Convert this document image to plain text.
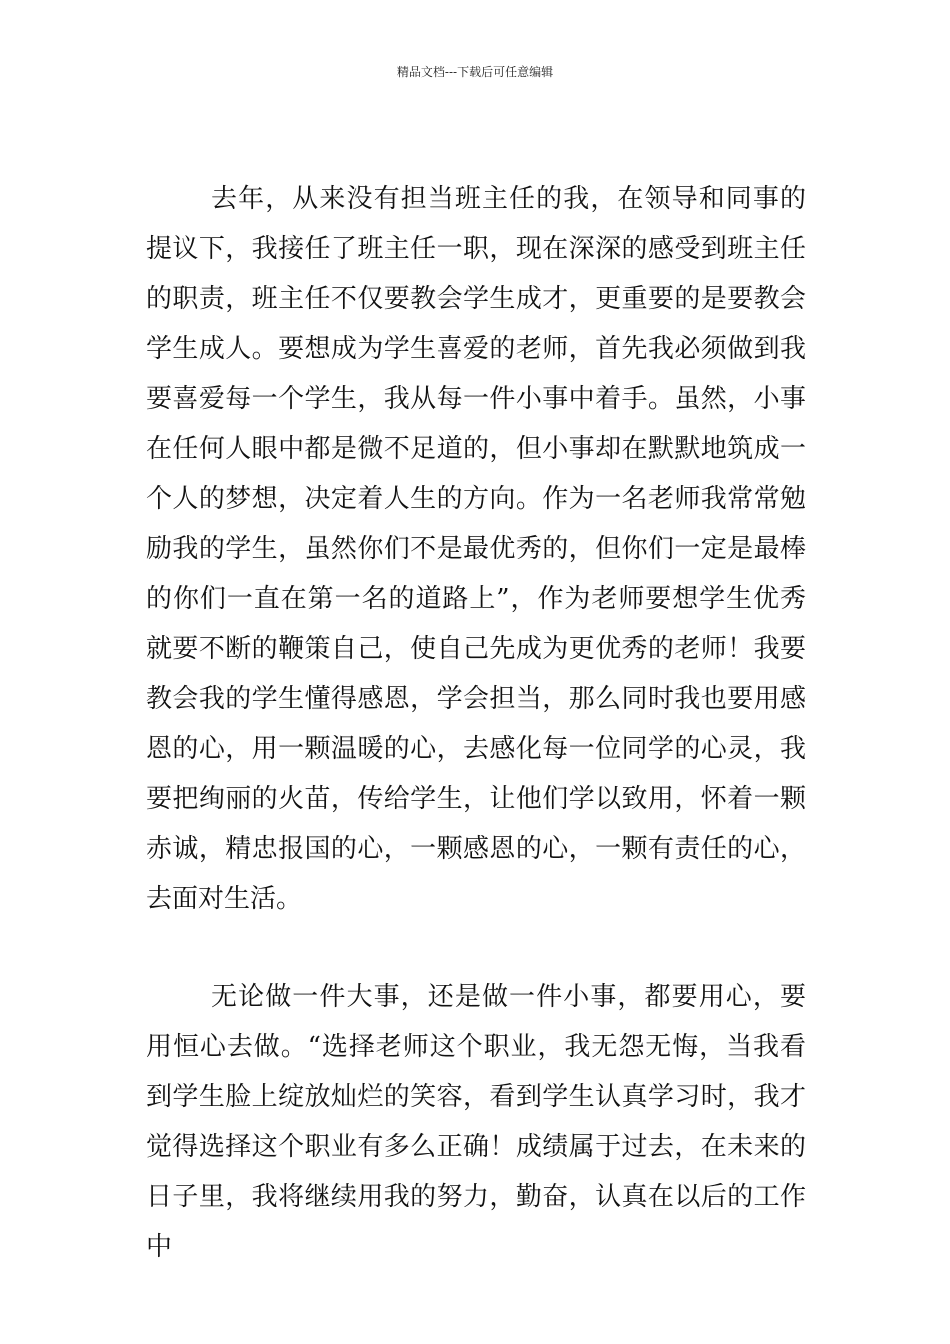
精品文档---下载后可任意编辑

去年，从来没有担当班主任的我，在领导和同事的提议下，我接任了班主任一职，现在深深的感受到班主任的职责，班主任不仅要教会学生成才，更重要的是要教会学生成人。要想成为学生喜爱的老师，首先我必须做到我要喜爱每一个学生，我从每一件小事中着手。虽然，小事在任何人眼中都是微不足道的，但小事却在默默地筑成一个人的梦想，决定着人生的方向。作为一名老师我常常勉励我的学生，虽然你们不是最优秀的，但你们一定是最棒的你们一直在第一名的道路上”，作为老师要想学生优秀就要不断的鞭策自己，使自己先成为更优秀的老师！我要教会我的学生懂得感恩，学会担当，那么同时我也要用感恩的心，用一颗温暖的心，去感化每一位同学的心灵，我要把绚丽的火苗，传给学生，让他们学以致用，怀着一颗赤诚，精忠报国的心，一颗感恩的心，一颗有责任的心，去面对生活。

无论做一件大事，还是做一件小事，都要用心，要用恒心去做。“选择老师这个职业，我无怨无悔，当我看到学生脸上绽放灿烂的笑容，看到学生认真学习时，我才觉得选择这个职业有多么正确！成绩属于过去，在未来的日子里，我将继续用我的努力，勤奋，认真在以后的工作中
